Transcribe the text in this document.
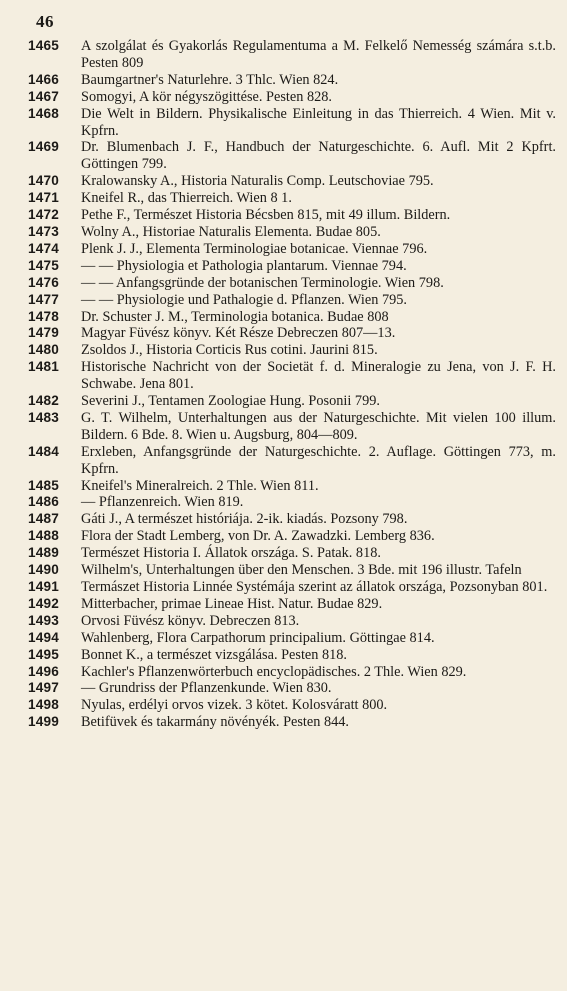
46
1465	A szolgálat és Gyakorlás Regulamentuma a M. Felkelő Nemesség számára s.t.b. Pesten 809
1466	Baumgartner's Naturlehre. 3 Thlc. Wien 824.
1467	Somogyi, A kör négyszögittése. Pesten 828.
1468	Die Welt in Bildern. Physikalische Einleitung in das Thierreich. 4 Wien. Mit v. Kpfrn.
1469	Dr. Blumenbach J. F., Handbuch der Naturgeschichte. 6. Aufl. Mit 2 Kpfrt. Göttingen 799.
1470	Kralowansky A., Historia Naturalis Comp. Leutschoviae 795.
1471	Kneifel R., das Thierreich. Wien 8 1.
1472	Pethe F., Természet Historia Bécsben 815, mit 49 illum. Bildern.
1473	Wolny A., Historiae Naturalis Elementa. Budae 805.
1474	Plenk J. J., Elementa Terminologiae botanicae. Viennae 796.
1475	— — Physiologia et Pathologia plantarum. Viennae 794.
1476	— — Anfangsgründe der botanischen Terminologie. Wien 798.
1477	— — Physiologie und Pathalogie d. Pflanzen. Wien 795.
1478	Dr. Schuster J. M., Terminologia botanica. Budae 808
1479	Magyar Füvész könyv. Két Része Debreczen 807—13.
1480	Zsoldos J., Historia Corticis Rus cotini. Jaurini 815.
1481	Historische Nachricht von der Societät f. d. Mineralogie zu Jena, von J. F. H. Schwabe. Jena 801.
1482	Severini J., Tentamen Zoologiae Hung. Posonii 799.
1483	G. T. Wilhelm, Unterhaltungen aus der Naturgeschichte. Mit vielen 100 illum. Bildern. 6 Bde. 8. Wien u. Augsburg, 804—809.
1484	Erxleben, Anfangsgründe der Naturgeschichte. 2. Auflage. Göttingen 773, m. Kpfrn.
1485	Kneifel's Mineralreich. 2 Thle. Wien 811.
1486	— Pflanzenreich. Wien 819.
1487	Gáti J., A természet históriája. 2-ik. kiadás. Pozsony 798.
1488	Flora der Stadt Lemberg, von Dr. A. Zawadzki. Lemberg 836.
1489	Természet Historia I. Állatok országa. S. Patak. 818.
1490	Wilhelm's, Unterhaltungen über den Menschen. 3 Bde. mit 196 illustr. Tafeln
1491	Termászet Historia Linnée Systémája szerint az állatok országa, Pozsonyban 801.
1492	Mitterbacher, primae Lineae Hist. Natur. Budae 829.
1493	Orvosi Füvész könyv. Debreczen 813.
1494	Wahlenberg, Flora Carpathorum principalium. Göttingae 814.
1495	Bonnet K., a természet vizsgálása. Pesten 818.
1496	Kachler's Pflanzenwörterbuch encyclopädisches. 2 Thle. Wien 829.
1497	— Grundriss der Pflanzenkunde. Wien 830.
1498	Nyulas, erdélyi orvos vizek. 3 kötet. Kolosváratt 800.
1499	Betifüvek és takarmány növényék. Pesten 844.
